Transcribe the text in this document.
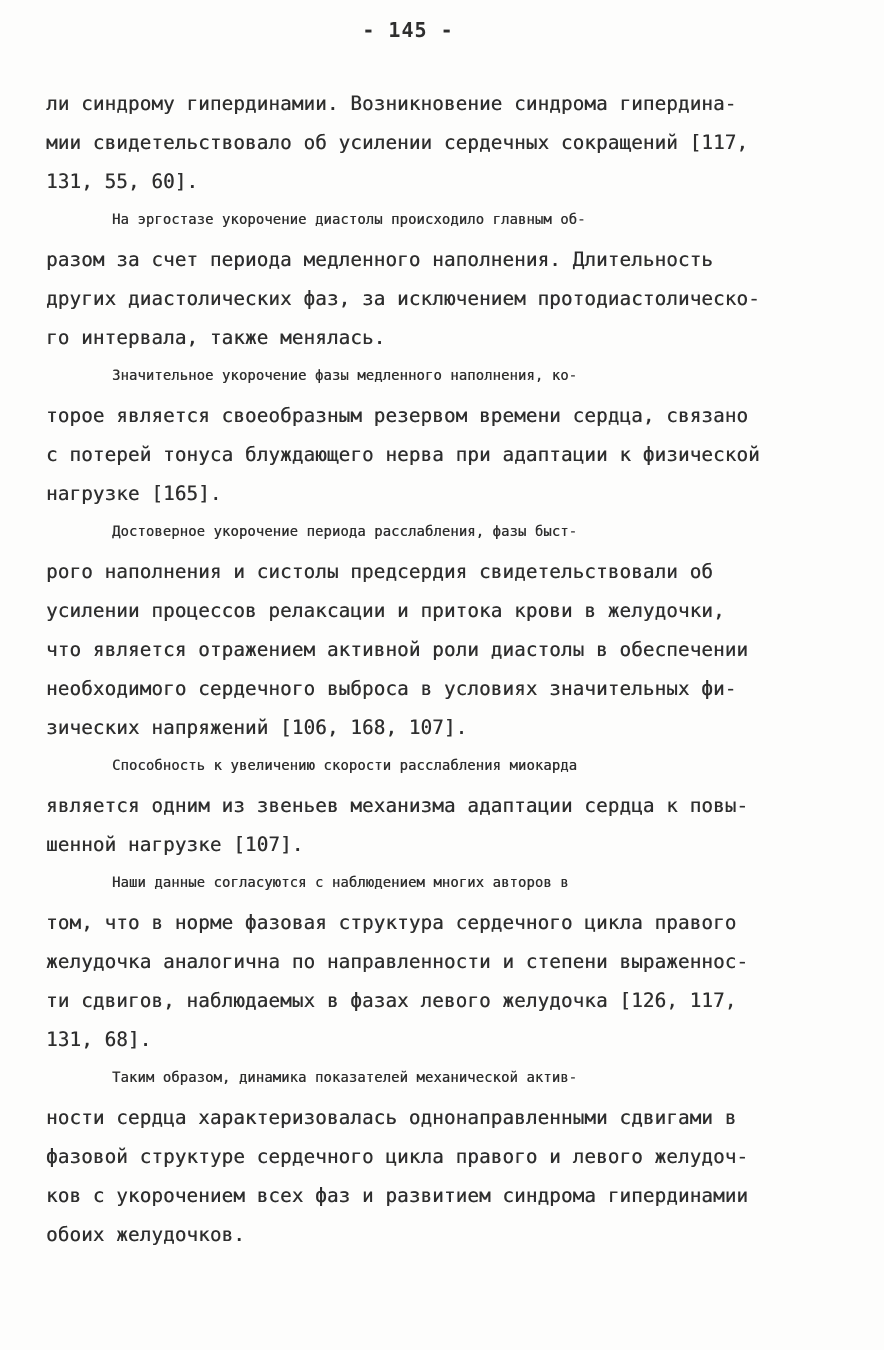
- 145 -
ли синдрому гипердинамии. Возникновение синдрома гипердина-
мии свидетельствовало об усилении сердечных сокращений [117,
131, 55, 60].
На эргостазе укорочение диастолы происходило главным об-
разом за счет периода медленного наполнения. Длительность
других диастолических фаз, за исключением протодиастолическо-
го интервала, также менялась.
Значительное укорочение фазы медленного наполнения, ко-
торое является своеобразным резервом времени сердца, связано
с потерей тонуса блуждающего нерва при адаптации к физической
нагрузке [165].
Достоверное укорочение периода расслабления, фазы быст-
рого наполнения и систолы предсердия свидетельствовали об
усилении процессов релаксации и притока крови в желудочки,
что является отражением активной роли диастолы в обеспечении
необходимого сердечного выброса в условиях значительных фи-
зических напряжений [106, 168, 107].
Способность к увеличению скорости расслабления миокарда
является одним из звеньев механизма адаптации сердца к повы-
шенной нагрузке [107].
Наши данные согласуются с наблюдением многих авторов в
том, что в норме фазовая структура сердечного цикла правого
желудочка аналогична по направленности и степени выраженнос-
ти сдвигов, наблюдаемых в фазах левого желудочка [126, 117,
131, 68].
Таким образом, динамика показателей механической актив-
ности сердца характеризовалась однонаправленными сдвигами в
фазовой структуре сердечного цикла правого и левого желудоч-
ков с укорочением всех фаз и развитием синдрома гипердинамии
обоих желудочков.
